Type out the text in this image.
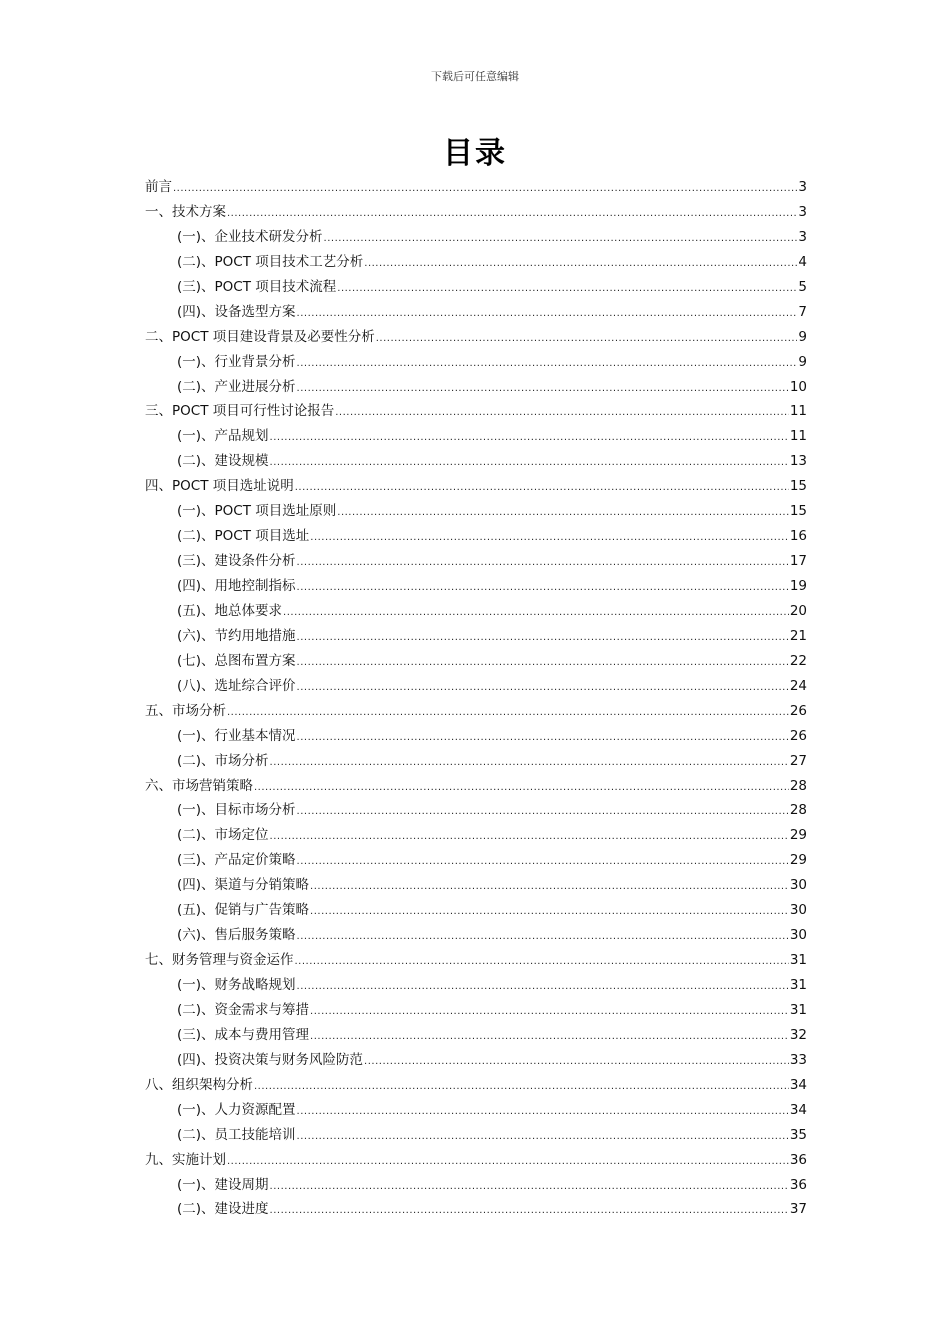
下载后可任意编辑
目录
前言 .....	3
一、技术方案 .....	3
(一)、企业技术研发分析 .....	3
(二)、POCT 项目技术工艺分析 .....	4
(三)、POCT 项目技术流程 .....	5
(四)、设备选型方案 .....	7
二、POCT 项目建设背景及必要性分析 .....	9
(一)、行业背景分析 .....	9
(二)、产业进展分析 .....	10
三、POCT 项目可行性讨论报告 .....	11
(一)、产品规划 .....	11
(二)、建设规模 .....	13
四、POCT 项目选址说明 .....	15
(一)、POCT 项目选址原则 .....	15
(二)、POCT 项目选址 .....	16
(三)、建设条件分析 .....	17
(四)、用地控制指标 .....	19
(五)、地总体要求 .....	20
(六)、节约用地措施 .....	21
(七)、总图布置方案 .....	22
(八)、选址综合评价 .....	24
五、市场分析 .....	26
(一)、行业基本情况 .....	26
(二)、市场分析 .....	27
六、市场营销策略 .....	28
(一)、目标市场分析 .....	28
(二)、市场定位 .....	29
(三)、产品定价策略 .....	29
(四)、渠道与分销策略 .....	30
(五)、促销与广告策略 .....	30
(六)、售后服务策略 .....	30
七、财务管理与资金运作 .....	31
(一)、财务战略规划 .....	31
(二)、资金需求与筹措 .....	31
(三)、成本与费用管理 .....	32
(四)、投资决策与财务风险防范 .....	33
八、组织架构分析 .....	34
(一)、人力资源配置 .....	34
(二)、员工技能培训 .....	35
九、实施计划 .....	36
(一)、建设周期 .....	36
(二)、建设进度 .....	37
